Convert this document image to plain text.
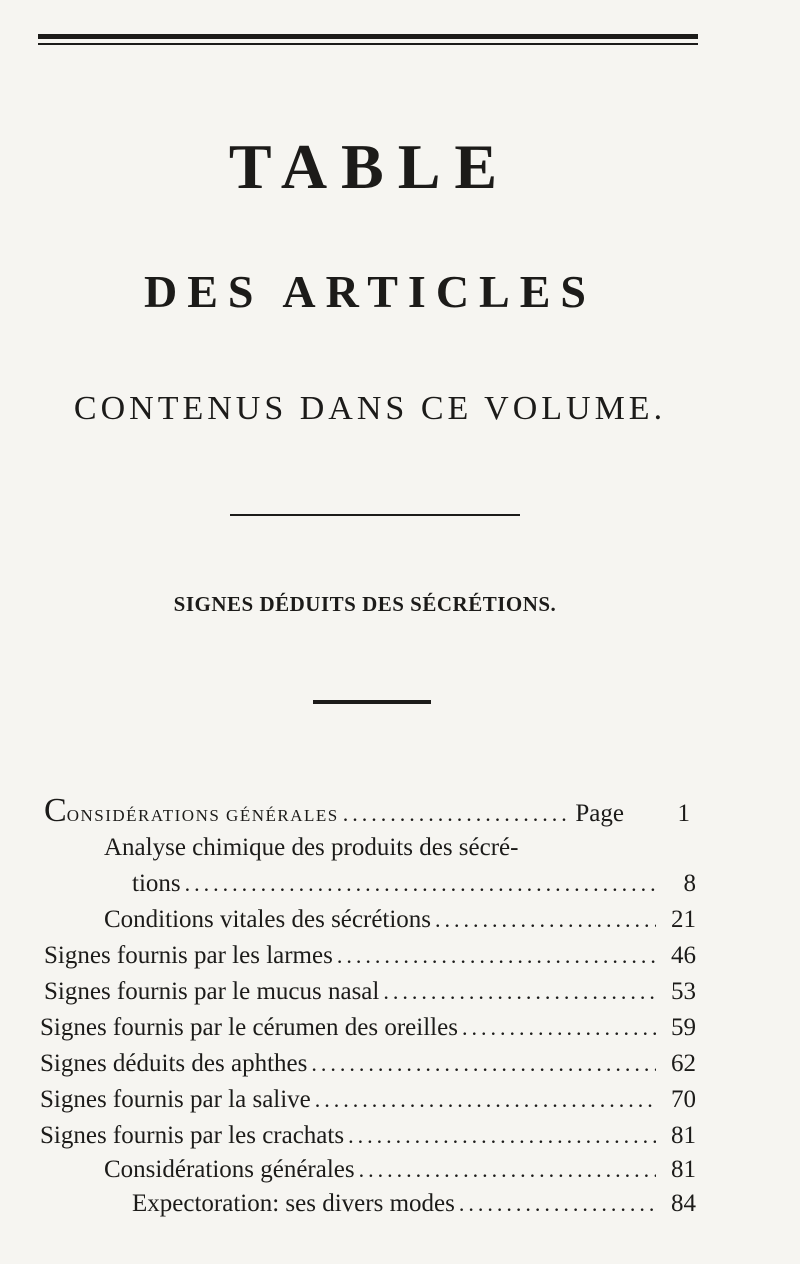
TABLE
DES ARTICLES
CONTENUS DANS CE VOLUME.
SIGNES DÉDUITS DES SÉCRÉTIONS.
CONSIDÉRATIONS GÉNÉRALES .....	Page	1
Analyse chimique des produits des sécré-
tions .....	8
Conditions vitales des sécrétions .....	21
Signes fournis par les larmes .....	46
Signes fournis par le mucus nasal .....	53
Signes fournis par le cérumen des oreilles .....	59
Signes déduits des aphthes .....	62
Signes fournis par la salive .....	70
Signes fournis par les crachats .....	81
Considérations générales .....	81
Expectoration: ses divers modes .....	84
